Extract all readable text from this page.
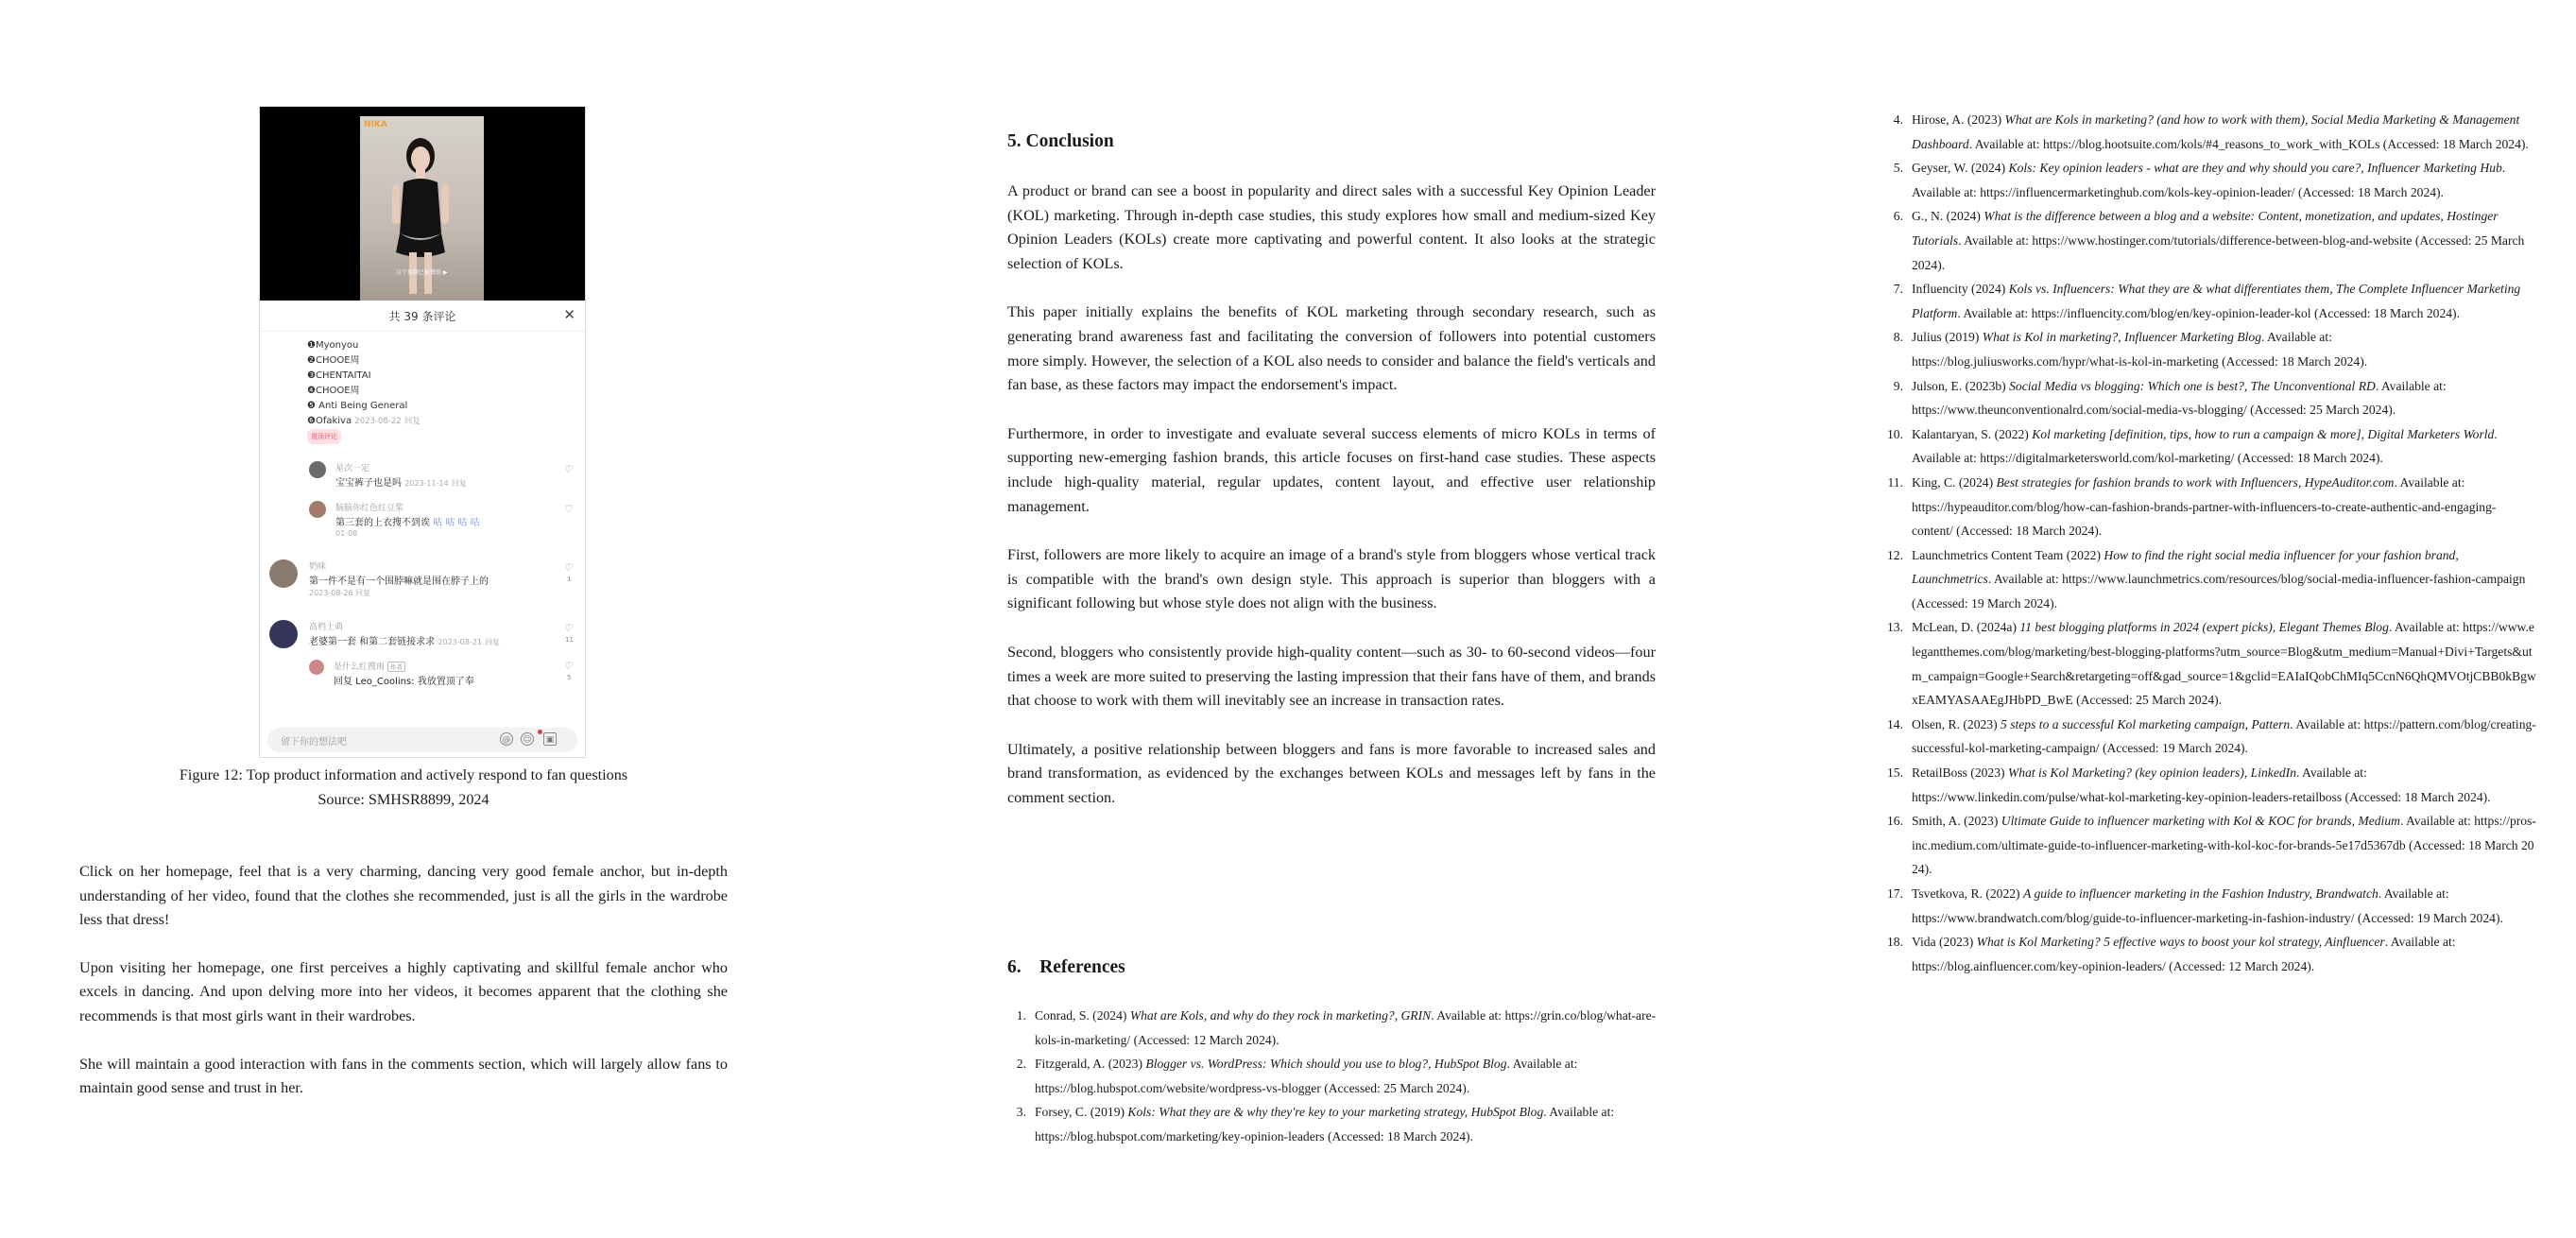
NIKA
这个视频已被赞助 ▶
共 39 条评论	✕
❶Myonyou
❷CHOOE周
❸CHENTAITAI
❹CHOOE周
❺ Anti Being General
❻Ofakiva 2023-08-22 回复
置顶评论
星次一定
宝宝裤子也是吗 2023-11-14 回复
♡
脑脑你红色红豆浆
第三套的上衣搜不到诶 咕 咕 咕 咕
01-08
♡
奶味
第一件不是有一个围脖嘛就是围在脖子上的
2023-08-26 回复
♡
1
高档土萌
老婆第一套 和第二套链接求求 2023-08-21 回复
♡
11
是什么红搜雨 作者
回复 Leo_Coolins: 我放置顶了奉
♡
5
留下你的想法吧	@ ☺	▣
Figure 12: Top product information and actively respond to fan questions
Source: SMHSR8899, 2024

Click on her homepage, feel that is a very charming, dancing very good female anchor, but in-depth understanding of her video, found that the clothes she recommended, just is all the girls in the wardrobe less that dress!

Upon visiting her homepage, one first perceives a highly captivating and skillful female anchor who excels in dancing. And upon delving more into her videos, it becomes apparent that the clothing she recommends is that most girls want in their wardrobes.

She will maintain a good interaction with fans in the comments section, which will largely allow fans to maintain good sense and trust in her.

5. Conclusion

A product or brand can see a boost in popularity and direct sales with a successful Key Opinion Leader (KOL) marketing. Through in-depth case studies, this study explores how small and medium-sized Key Opinion Leaders (KOLs) create more captivating and powerful content. It also looks at the strategic selection of KOLs.

This paper initially explains the benefits of KOL marketing through secondary research, such as generating brand awareness fast and facilitating the conversion of followers into potential customers more simply. However, the selection of a KOL also needs to consider and balance the field's verticals and fan base, as these factors may impact the endorsement's impact.

Furthermore, in order to investigate and evaluate several success elements of micro KOLs in terms of supporting new-emerging fashion brands, this article focuses on first-hand case studies. These aspects include high-quality material, regular updates, content layout, and effective user relationship management.

First, followers are more likely to acquire an image of a brand's style from bloggers whose vertical track is compatible with the brand's own design style. This approach is superior than bloggers with a significant following but whose style does not align with the business.

Second, bloggers who consistently provide high-quality content—such as 30- to 60-second videos—four times a week are more suited to preserving the lasting impression that their fans have of them, and brands that choose to work with them will inevitably see an increase in transaction rates.

Ultimately, a positive relationship between bloggers and fans is more favorable to increased sales and brand transformation, as evidenced by the exchanges between KOLs and messages left by fans in the comment section.

6. References
1. Conrad, S. (2024) What are Kols, and why do they rock in marketing?, GRIN. Available at: https://grin.co/blog/what-are-kols-in-marketing/ (Accessed: 12 March 2024).
2. Fitzgerald, A. (2023) Blogger vs. WordPress: Which should you use to blog?, HubSpot Blog. Available at: https://blog.hubspot.com/website/wordpress-vs-blogger (Accessed: 25 March 2024).
3. Forsey, C. (2019) Kols: What they are & why they're key to your marketing strategy, HubSpot Blog. Available at: https://blog.hubspot.com/marketing/key-opinion-leaders (Accessed: 18 March 2024).
4. Hirose, A. (2023) What are Kols in marketing? (and how to work with them), Social Media Marketing & Management Dashboard. Available at: https://blog.hootsuite.com/kols/#4_reasons_to_work_with_KOLs (Accessed: 18 March 2024).
5. Geyser, W. (2024) Kols: Key opinion leaders - what are they and why should you care?, Influencer Marketing Hub. Available at: https://influencermarketinghub.com/kols-key-opinion-leader/ (Accessed: 18 March 2024).
6. G., N. (2024) What is the difference between a blog and a website: Content, monetization, and updates, Hostinger Tutorials. Available at: https://www.hostinger.com/tutorials/difference-between-blog-and-website (Accessed: 25 March 2024).
7. Influencity (2024) Kols vs. Influencers: What they are & what differentiates them, The Complete Influencer Marketing Platform. Available at: https://influencity.com/blog/en/key-opinion-leader-kol (Accessed: 18 March 2024).
8. Julius (2019) What is Kol in marketing?, Influencer Marketing Blog. Available at: https://blog.juliusworks.com/hypr/what-is-kol-in-marketing (Accessed: 18 March 2024).
9. Julson, E. (2023b) Social Media vs blogging: Which one is best?, The Unconventional RD. Available at: https://www.theunconventionalrd.com/social-media-vs-blogging/ (Accessed: 25 March 2024).
10. Kalantaryan, S. (2022) Kol marketing [definition, tips, how to run a campaign & more], Digital Marketers World. Available at: https://digitalmarketersworld.com/kol-marketing/ (Accessed: 18 March 2024).
11. King, C. (2024) Best strategies for fashion brands to work with Influencers, HypeAuditor.com. Available at: https://hypeauditor.com/blog/how-can-fashion-brands-partner-with-influencers-to-create-authentic-and-engaging-content/ (Accessed: 18 March 2024).
12. Launchmetrics Content Team (2022) How to find the right social media influencer for your fashion brand, Launchmetrics. Available at: https://www.launchmetrics.com/resources/blog/social-media-influencer-fashion-campaign (Accessed: 19 March 2024).
13. McLean, D. (2024a) 11 best blogging platforms in 2024 (expert picks), Elegant Themes Blog. Available at: https://www.elegantthemes.com/blog/marketing/best-blogging-platforms?utm_source=Blog&utm_medium=Manual+Divi+Targets&utm_campaign=Google+Search&retargeting=off&gad_source=1&gclid=EAIaIQobChMIq5CcnN6QhQMVOtjCBB0kBgwxEAMYASAAEgJHbPD_BwE (Accessed: 25 March 2024).
14. Olsen, R. (2023) 5 steps to a successful Kol marketing campaign, Pattern. Available at: https://pattern.com/blog/creating-successful-kol-marketing-campaign/ (Accessed: 19 March 2024).
15. RetailBoss (2023) What is Kol Marketing? (key opinion leaders), LinkedIn. Available at: https://www.linkedin.com/pulse/what-kol-marketing-key-opinion-leaders-retailboss (Accessed: 18 March 2024).
16. Smith, A. (2023) Ultimate Guide to influencer marketing with Kol & KOC for brands, Medium. Available at: https://pros-inc.medium.com/ultimate-guide-to-influencer-marketing-with-kol-koc-for-brands-5e17d5367db (Accessed: 18 March 2024).
17. Tsvetkova, R. (2022) A guide to influencer marketing in the Fashion Industry, Brandwatch. Available at: https://www.brandwatch.com/blog/guide-to-influencer-marketing-in-fashion-industry/ (Accessed: 19 March 2024).
18. Vida (2023) What is Kol Marketing? 5 effective ways to boost your kol strategy, Ainfluencer. Available at: https://blog.ainfluencer.com/key-opinion-leaders/ (Accessed: 12 March 2024).
